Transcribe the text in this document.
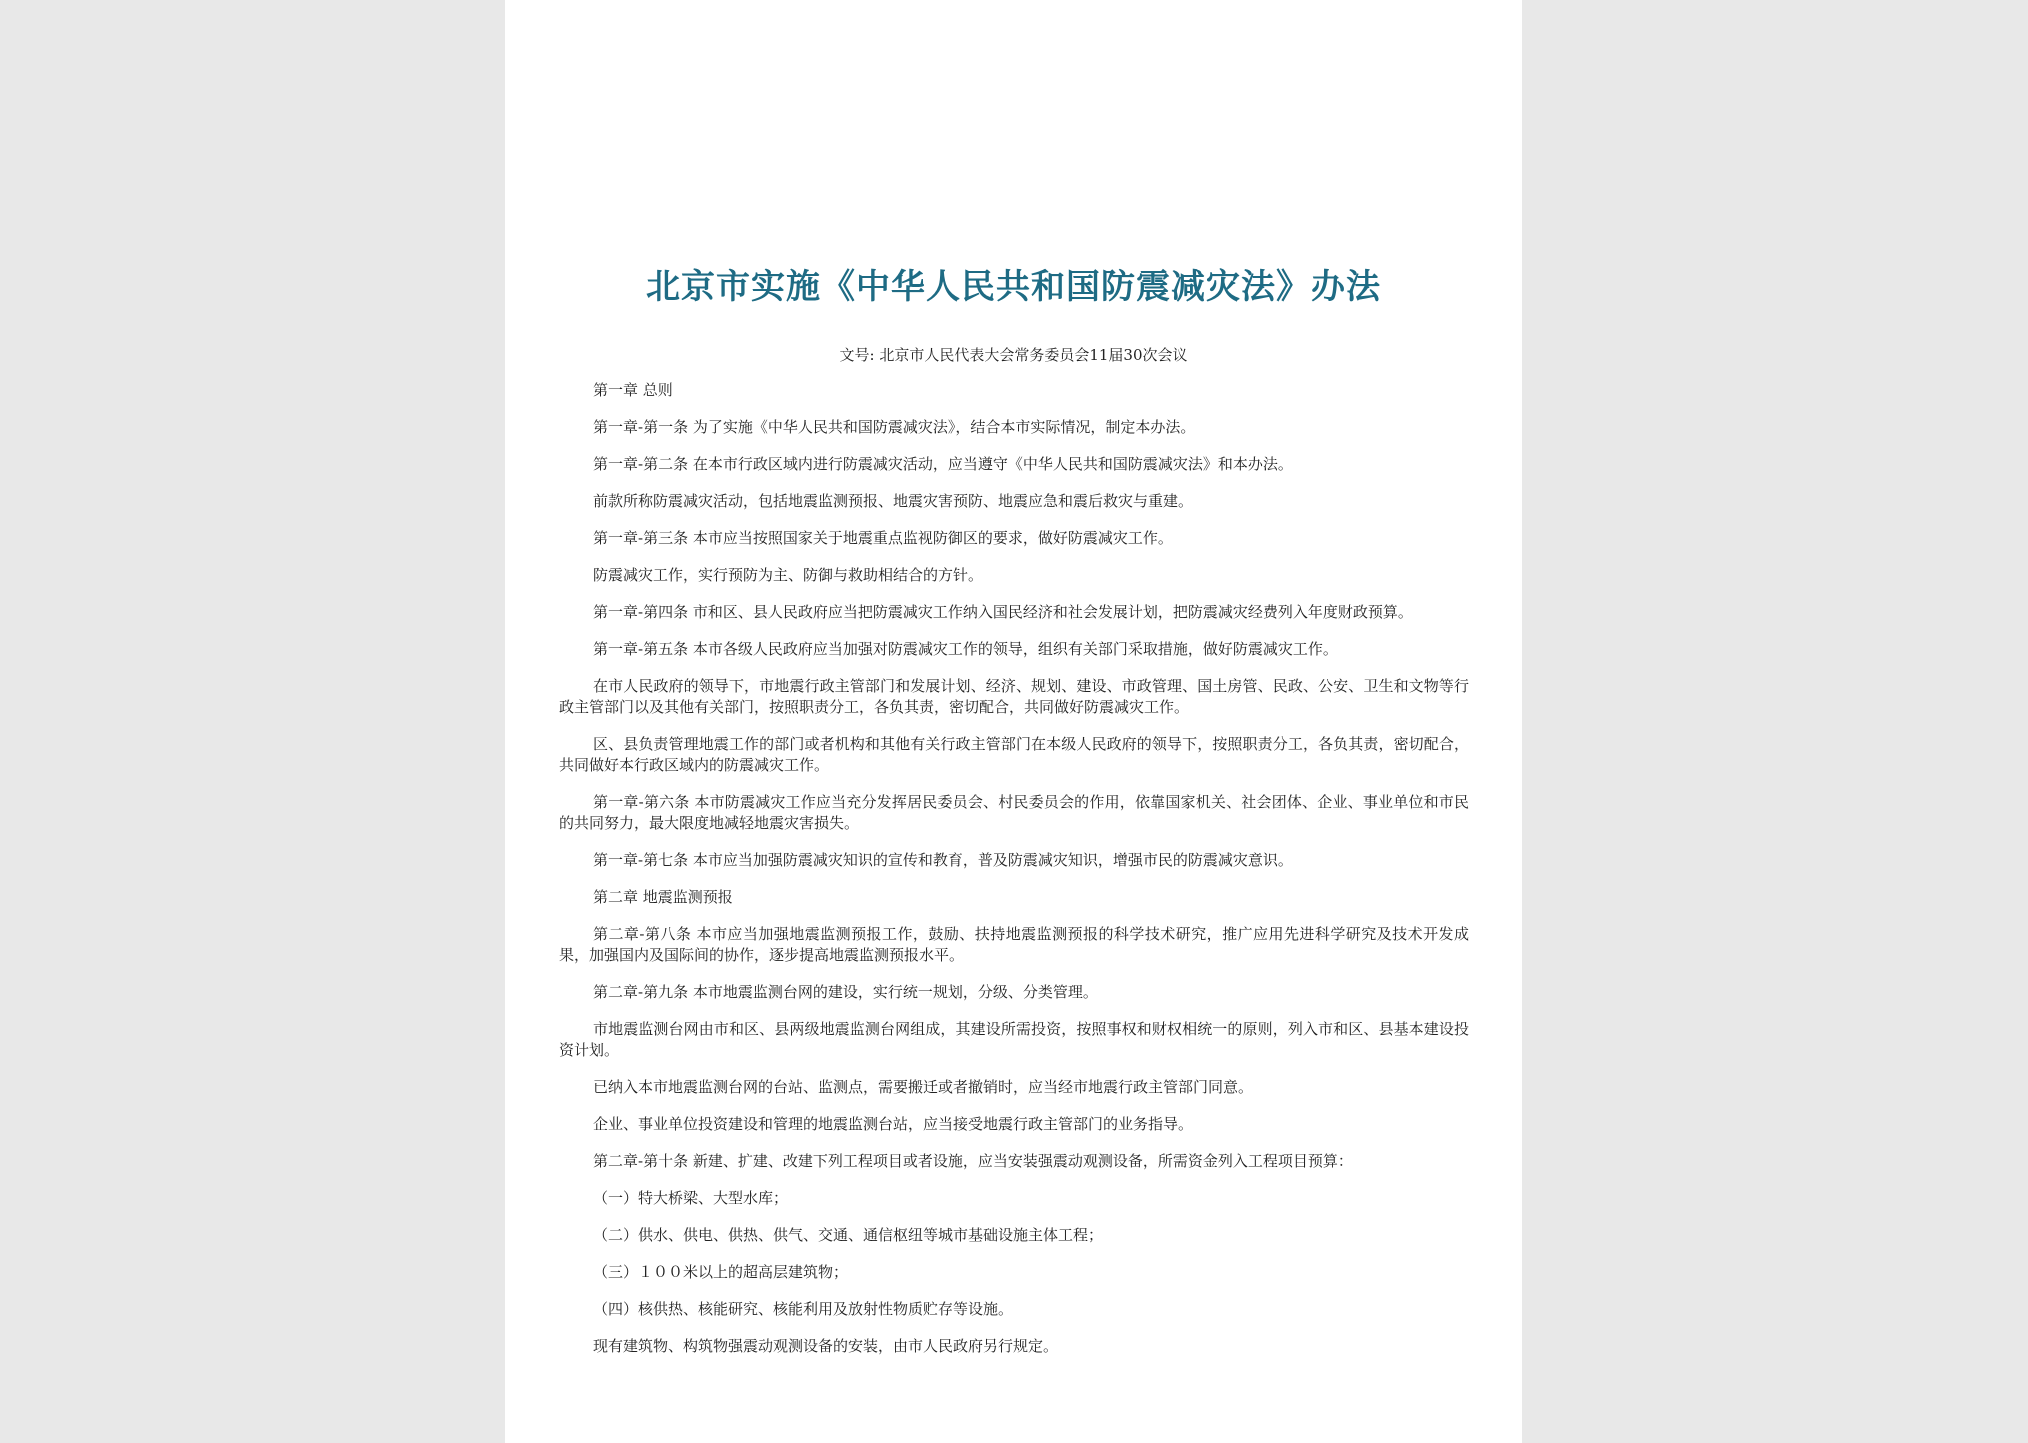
北京市实施《中华人民共和国防震减灾法》办法
文号: 北京市人民代表大会常务委员会11届30次会议

第一章 总则

第一章-第一条 为了实施《中华人民共和国防震减灾法》，结合本市实际情况，制定本办法。

第一章-第二条 在本市行政区域内进行防震减灾活动，应当遵守《中华人民共和国防震减灾法》和本办法。

前款所称防震减灾活动，包括地震监测预报、地震灾害预防、地震应急和震后救灾与重建。

第一章-第三条 本市应当按照国家关于地震重点监视防御区的要求，做好防震减灾工作。

防震减灾工作，实行预防为主、防御与救助相结合的方针。

第一章-第四条 市和区、县人民政府应当把防震减灾工作纳入国民经济和社会发展计划，把防震减灾经费列入年度财政预算。

第一章-第五条 本市各级人民政府应当加强对防震减灾工作的领导，组织有关部门采取措施，做好防震减灾工作。

在市人民政府的领导下，市地震行政主管部门和发展计划、经济、规划、建设、市政管理、国土房管、民政、公安、卫生和文物等行政主管部门以及其他有关部门，按照职责分工，各负其责，密切配合，共同做好防震减灾工作。

区、县负责管理地震工作的部门或者机构和其他有关行政主管部门在本级人民政府的领导下，按照职责分工，各负其责，密切配合，共同做好本行政区域内的防震减灾工作。

第一章-第六条 本市防震减灾工作应当充分发挥居民委员会、村民委员会的作用，依靠国家机关、社会团体、企业、事业单位和市民的共同努力，最大限度地减轻地震灾害损失。

第一章-第七条 本市应当加强防震减灾知识的宣传和教育，普及防震减灾知识，增强市民的防震减灾意识。

第二章 地震监测预报

第二章-第八条 本市应当加强地震监测预报工作，鼓励、扶持地震监测预报的科学技术研究，推广应用先进科学研究及技术开发成果，加强国内及国际间的协作，逐步提高地震监测预报水平。

第二章-第九条 本市地震监测台网的建设，实行统一规划，分级、分类管理。

市地震监测台网由市和区、县两级地震监测台网组成，其建设所需投资，按照事权和财权相统一的原则，列入市和区、县基本建设投资计划。

已纳入本市地震监测台网的台站、监测点，需要搬迁或者撤销时，应当经市地震行政主管部门同意。

企业、事业单位投资建设和管理的地震监测台站，应当接受地震行政主管部门的业务指导。

第二章-第十条 新建、扩建、改建下列工程项目或者设施，应当安装强震动观测设备，所需资金列入工程项目预算：

（一）特大桥梁、大型水库；

（二）供水、供电、供热、供气、交通、通信枢纽等城市基础设施主体工程；

（三）１００米以上的超高层建筑物；

（四）核供热、核能研究、核能利用及放射性物质贮存等设施。

现有建筑物、构筑物强震动观测设备的安装，由市人民政府另行规定。
